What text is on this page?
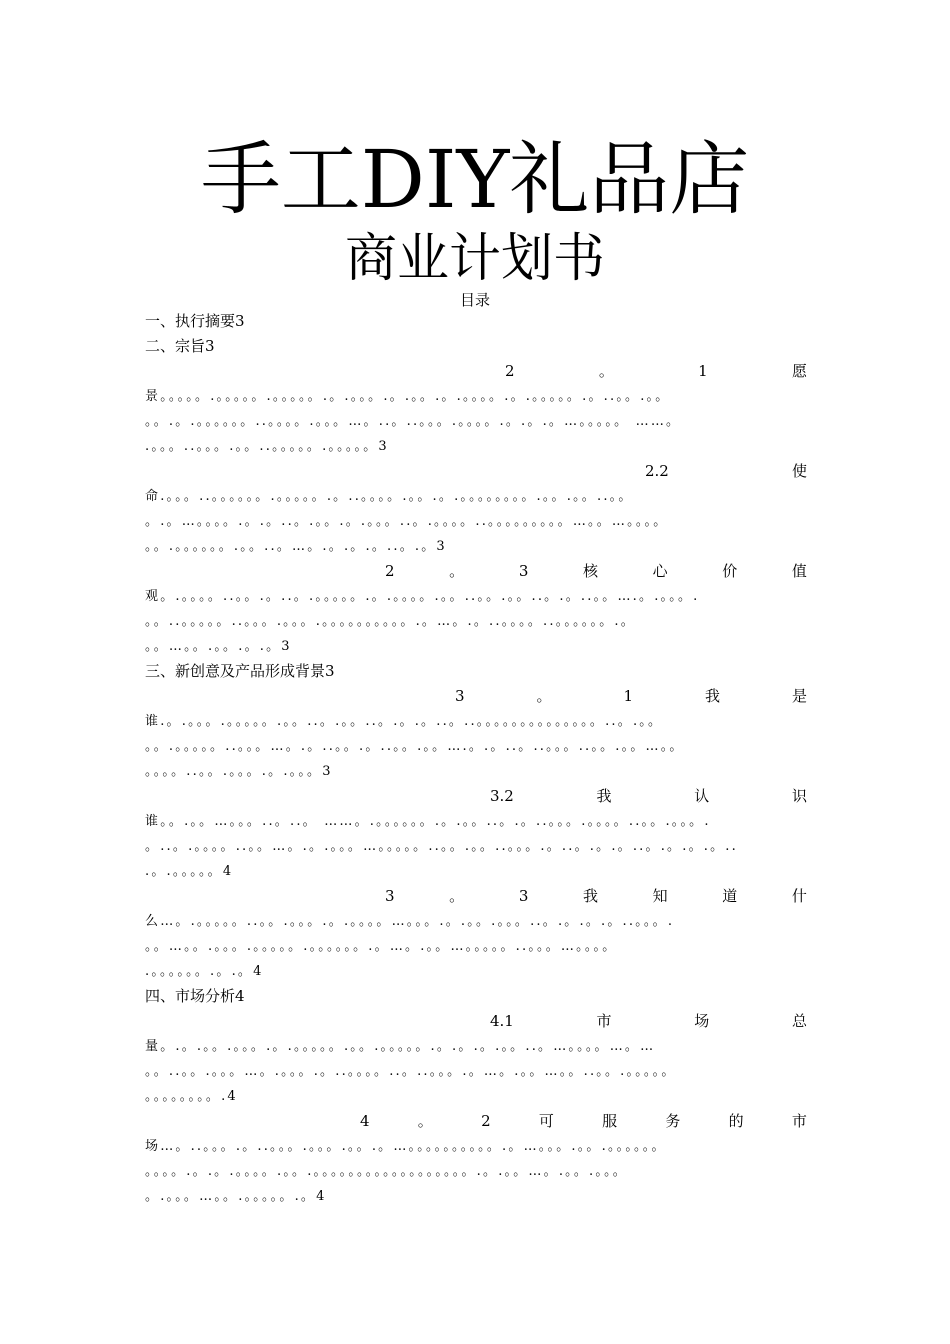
手工DIY礼品店
商业计划书
目录
一、执行摘要3
二、宗旨3
2	。	1	愿
景。。。。。.。。。。。.。。。。。.。.。。。.。.。。.。.。。。。.。.。。。。。.。..。。.。。
。。.。.。。。。。。..。。。。.。。。…。..。..。。。.。。。。.。.。.。…。。。。。 ……。
.。。。..。。。.。。..。。。。。.。。。。。3
2.2	使
命.。。。..。。。。。。.。。。。。.。..。。。。.。。.。.。。。。。。。。.。。.。。..。。
。.。…。。。。.。.。..。.。。.。.。。。..。.。。。。..。。。。。。。。。…。。…。。。。
。。.。。。。。。.。。..。…。.。.。.。..。.。3
2	。	3	核	心	价	值
观。.。。。。..。。.。..。.。。。。。.。.。。。。.。。..。。.。。..。.。..。。….。.。。。.
。。..。。。。。..。。。.。。。.。。。。。。。。。。.。…。.。..。。。。..。。。。。。.。
。。…。。.。。.。.。3
三、新创意及产品形成背景3
3	。	1	我	是
谁.。.。。。.。。。。。.。。..。.。。..。.。.。..。..。。。。。。。。。。。。。。..。.。。
。。.。。。。。..。。。…。.。..。。.。..。。.。。….。.。..。..。。。..。。.。。…。。
。。。。..。。.。。。.。.。。。3
3.2	我	认	识
谁。。.。。…。。。..。..。 ……。.。。。。。。.。.。。..。.。..。。。.。。。。..。。.。。。.
。..。.。。。。..。。…。.。.。。。…。。。。。..。。.。。..。。。.。..。.。.。..。.。.。.。..
.。.。。。。。4
3	。	3	我	知	道	什
么…。.。。。。。..。。.。。。.。.。。。。…。。。.。.。。.。。。..。.。.。.。..。。。.
。。…。。.。。。.。。。。。.。。。。。。.。…。.。。…。。。。。..。。。…。。。。
.。。。。。。.。.。4
四、市场分析4
4.1	市	场	总
量。.。.。。.。。。.。.。。。。。.。。.。。。。。.。.。.。.。。..。…。。。。…。…
。。..。。.。。。…。.。。。.。..。。。。..。..。。。.。…。.。。…。。..。。.。。。。。
。。。。。。。。.4
4	。	2	可	服	务	的	市
场…。..。。。.。..。。。.。。。.。。.。…。。。。。。。。。。.。…。。。.。。.。。。。。。
。。。。.。.。.。。。。.。。.。。。。。。。。。。。。。。。。。。.。.。。…。.。。.。。。
。.。。。…。。.。。。。。.。4
